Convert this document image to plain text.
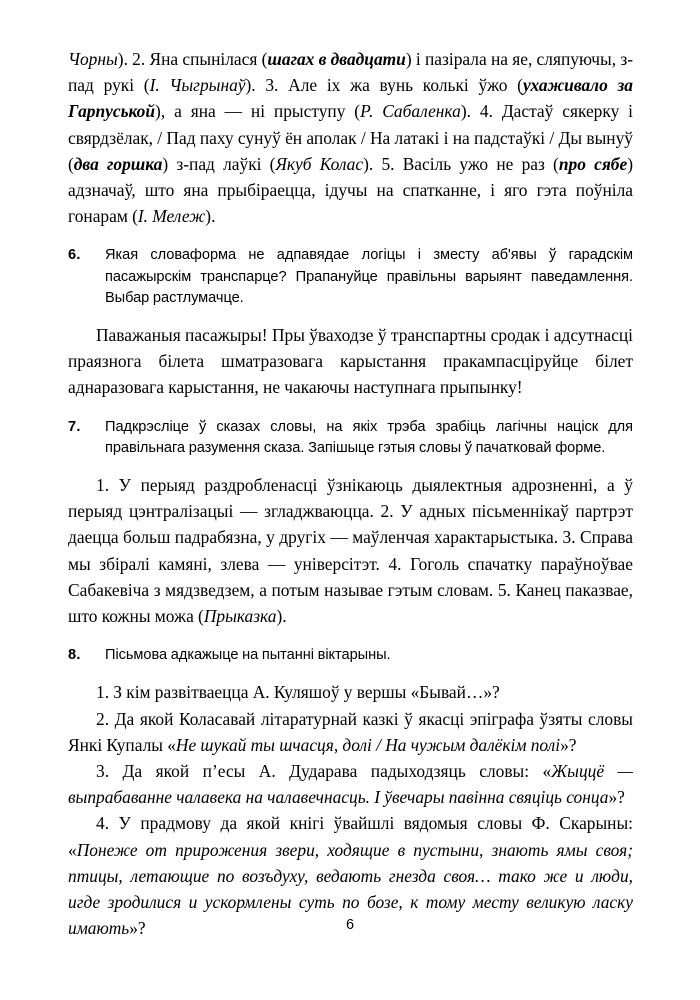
Чорны). 2. Яна спынілася (шагах в двадцати) і пазірала на яе, сляпуючы, з-пад рукі (І. Чыгрынаў). 3. Але іх жа вунь колькі ўжо (ухаживало за Гарпуськой), а яна — ні прыступу (Р. Сабаленка). 4. Дастаў сякерку і свярдзёлак, / Пад паху сунуў ён аполак / На латакі і на падстаўкі / Ды вынуў (два горшка) з-пад лаўкі (Якуб Колас). 5. Васіль ужо не раз (про сябе) адзначаў, што яна прыбіраецца, ідучы на спатканне, і яго гэта поўніла гонарам (І. Мележ).

6.	Якая словаформа не адпавядае логіцы і зместу аб'явы ў гарадскім пасажырскім транспарце? Прапануйце правільны варыянт паведамлення. Выбар растлумачце.

Паважаныя пасажыры! Пры ўваходзе ў транспартны сродак і адсутнасці праязнога білета шматразовага карыстання пракампасціруйце білет аднаразовага карыстання, не чакаючы наступнага прыпынку!

7.	Падкрэсліце ў сказах словы, на якіх трэба зрабіць лагічны націск для правільнага разумення сказа. Запішыце гэтыя словы ў пачатковай форме.

1. У перыяд раздробленасці ўзнікаюць дыялектныя адрозненні, а ў перыяд цэнтралізацыі — згладжваюцца. 2. У адных пісьменнікаў партрэт даецца больш падрабязна, у другіх — маўленчая характарыстыка. 3. Справа мы збіралі камяні, злева — універсітэт. 4. Гоголь спачатку параўноўвае Сабакевіча з мядзведзем, а потым называе гэтым словам. 5. Канец паказвае, што кожны можа (Прыказка).

8.	Пісьмова адкажыце на пытанні віктарыны.

1. З кім развітваецца А. Куляшоў у вершы «Бывай…»?

2. Да якой Коласавай літаратурнай казкі ў якасці эпіграфа ўзяты словы Янкі Купалы «Не шукай ты шчасця, долі / На чужым далёкім полі»?

3. Да якой п’есы А. Дударава падыходзяць словы: «Жыццё — выпрабаванне чалавека на чалавечнасць. І ўвечары павінна свяціць сонца»?

4. У прадмову да якой кнігі ўвайшлі вядомыя словы Ф. Скарыны: «Понеже от прирожения звери, ходящие в пустыни, знають ямы своя; птицы, летающие по возъдуху, ведають гнезда своя… тако же и люди, игде зродилися и ускормлены суть по бозе, к тому месту великую ласку имають»?	6
